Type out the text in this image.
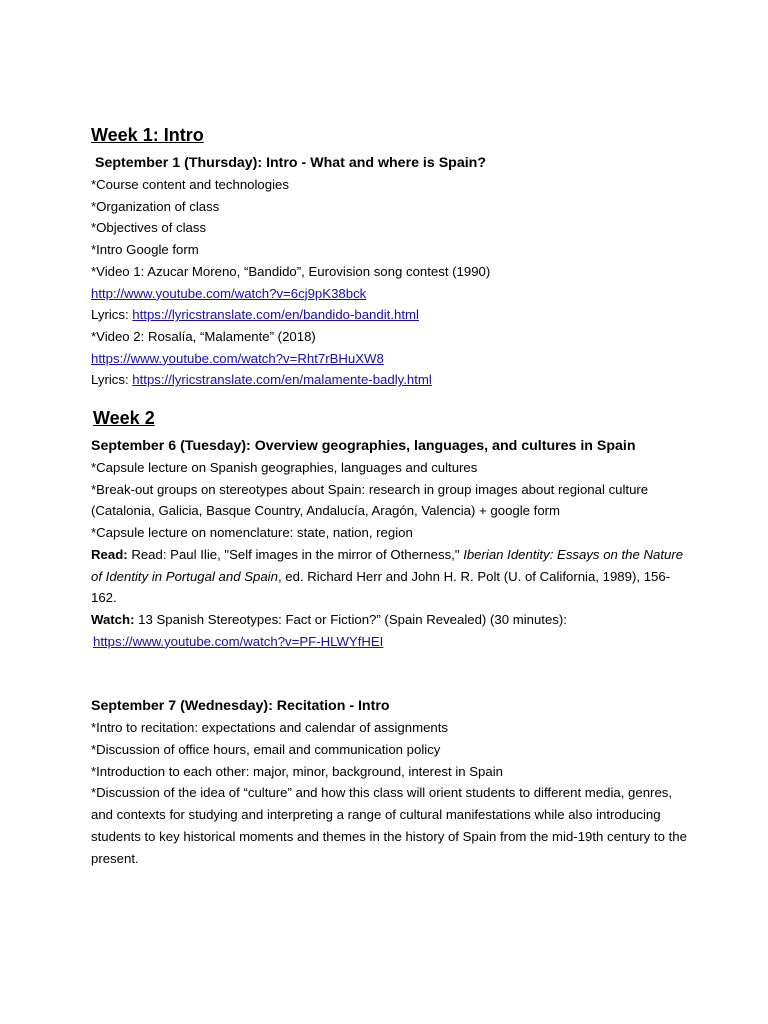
Week 1: Intro

September 1 (Thursday): Intro - What and where is Spain?

*Course content and technologies

*Organization of class

*Objectives of class

*Intro Google form

*Video 1: Azucar Moreno, “Bandido”, Eurovision song contest (1990)

http://www.youtube.com/watch?v=6cj9pK38bck

Lyrics: https://lyricstranslate.com/en/bandido-bandit.html

*Video 2: Rosalía, “Malamente” (2018)

https://www.youtube.com/watch?v=Rht7rBHuXW8

Lyrics: https://lyricstranslate.com/en/malamente-badly.html

Week 2

September 6 (Tuesday): Overview geographies, languages, and cultures in Spain

*Capsule lecture on Spanish geographies, languages and cultures

*Break-out groups on stereotypes about Spain: research in group images about regional culture (Catalonia, Galicia, Basque Country, Andalucía, Aragón, Valencia) + google form

*Capsule lecture on nomenclature: state, nation, region

Read: Read: Paul Ilie, "Self images in the mirror of Otherness," Iberian Identity: Essays on the Nature of Identity in Portugal and Spain, ed. Richard Herr and John H. R. Polt (U. of California, 1989), 156-162.

Watch: 13 Spanish Stereotypes: Fact or Fiction?” (Spain Revealed) (30 minutes):

https://www.youtube.com/watch?v=PF-HLWYfHEI

September 7 (Wednesday): Recitation - Intro

*Intro to recitation: expectations and calendar of assignments

*Discussion of office hours, email and communication policy

*Introduction to each other: major, minor, background, interest in Spain

*Discussion of the idea of “culture” and how this class will orient students to different media, genres, and contexts for studying and interpreting a range of cultural manifestations while also introducing students to key historical moments and themes in the history of Spain from the mid-19th century to the present.
